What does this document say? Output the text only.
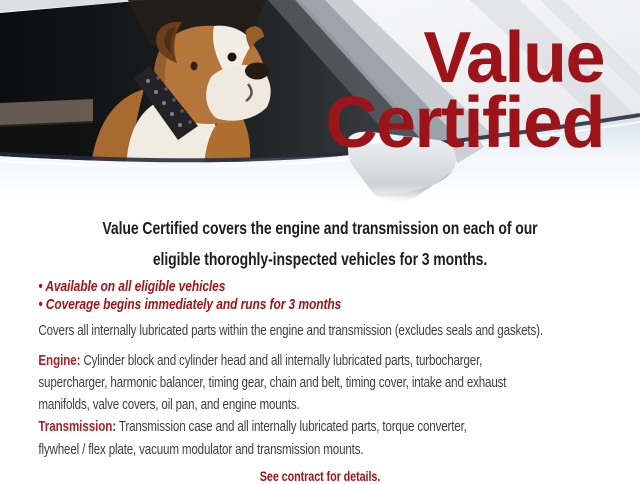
Value
Certified
Value Certified covers the engine and transmission on each of our
eligible thoroghly-inspected vehicles for 3 months.
• Available on all eligible vehicles
• Coverage begins immediately and runs for 3 months
Covers all internally lubricated parts within the engine and transmission (excludes seals and gaskets).
Engine: Cylinder block and cylinder head and all internally lubricated parts, turbocharger,
supercharger, harmonic balancer, timing gear, chain and belt, timing cover, intake and exhaust
manifolds, valve covers, oil pan, and engine mounts.
Transmission: Transmission case and all internally lubricated parts, torque converter,
flywheel / flex plate, vacuum modulator and transmission mounts.
See contract for details.
